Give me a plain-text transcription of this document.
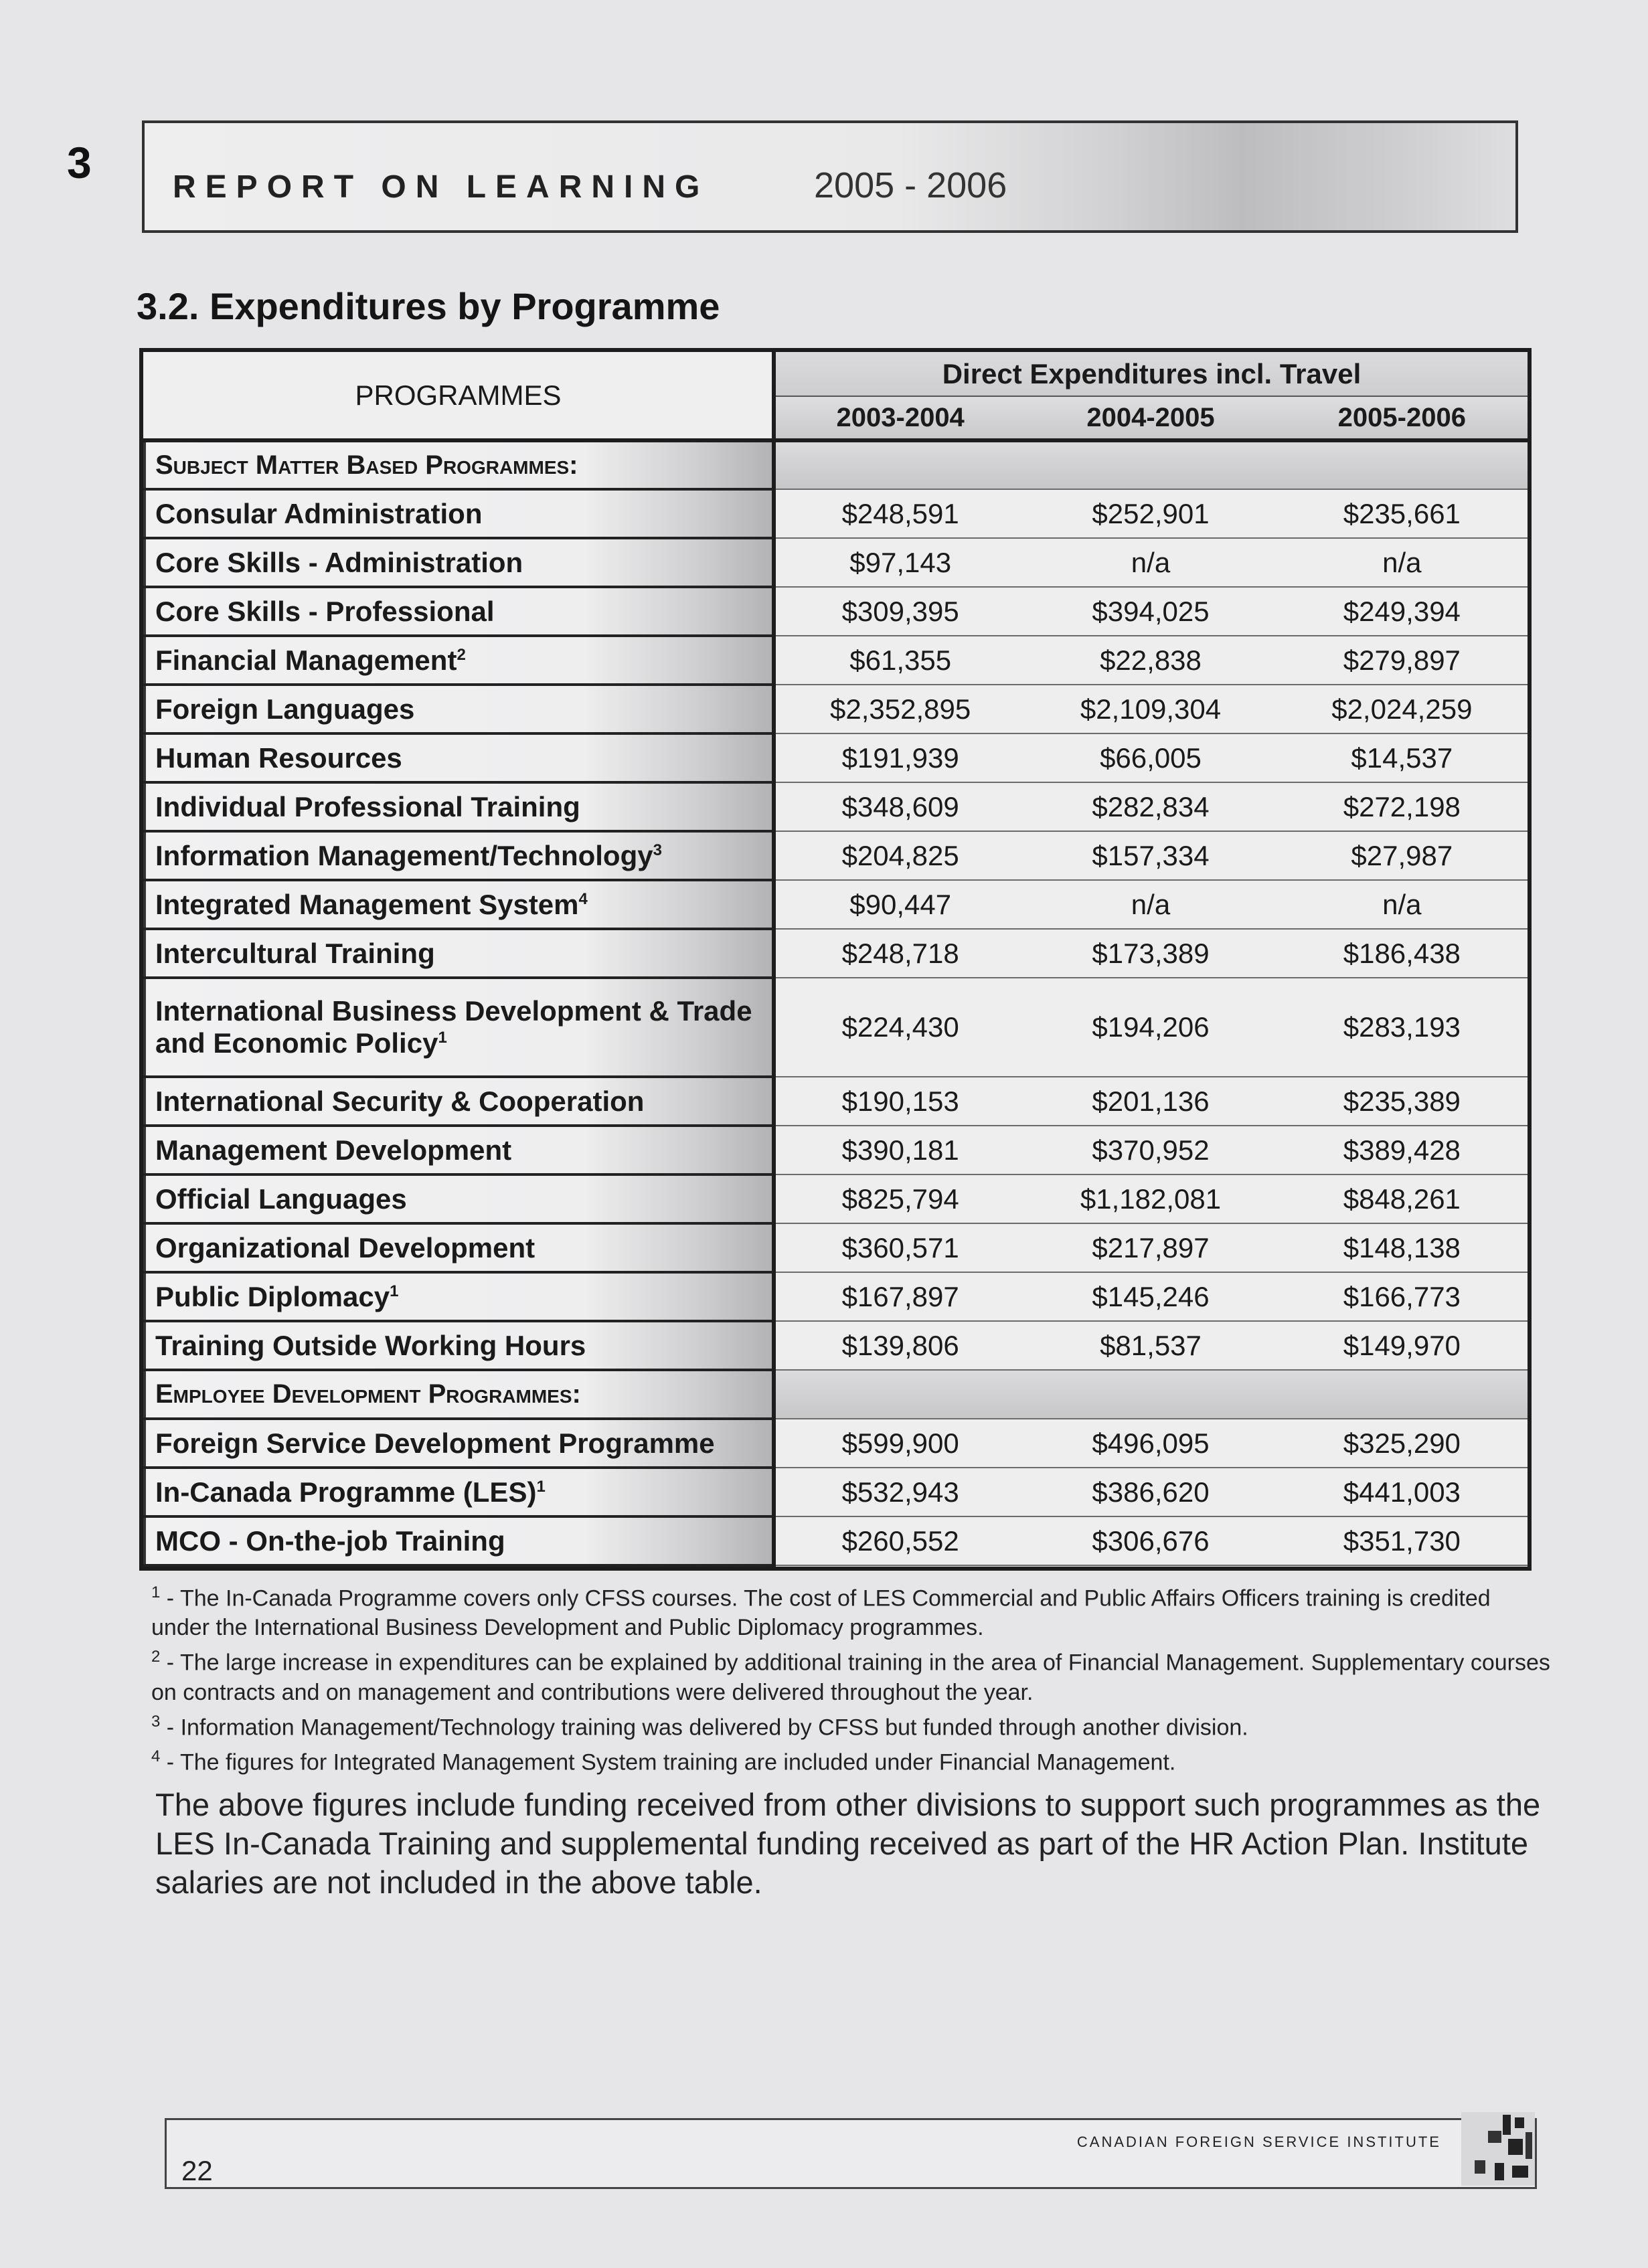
3	REPORT ON LEARNING	2005 - 2006
3.2. Expenditures by Programme
PROGRAMMES	Direct Expenditures incl. Travel		
	2003-2004	2004-2005	2005-2006
Subject Matter Based Programmes:			
Consular Administration	$248,591	$252,901	$235,661
Core Skills - Administration	$97,143	n/a	n/a
Core Skills - Professional	$309,395	$394,025	$249,394
Financial Management$^2$	$61,355	$22,838	$279,897
Foreign Languages	$2,352,895	$2,109,304	$2,024,259
Human Resources	$191,939	$66,005	$14,537
Individual Professional Training	$348,609	$282,834	$272,198
Information Management/Technology$^3$	$204,825	$157,334	$27,987
Integrated Management System$^4$	$90,447	n/a	n/a
Intercultural Training	$248,718	$173,389	$186,438
International Business Development & Trade and Economic Policy$^1$	$224,430	$194,206	$283,193
International Security & Cooperation	$190,153	$201,136	$235,389
Management Development	$390,181	$370,952	$389,428
Official Languages	$825,794	$1,182,081	$848,261
Organizational Development	$360,571	$217,897	$148,138
Public Diplomacy$^1$	$167,897	$145,246	$166,773
Training Outside Working Hours	$139,806	$81,537	$149,970
Employee Development Programmes:			
Foreign Service Development Programme	$599,900	$496,095	$325,290
In-Canada Programme (LES)$^1$	$532,943	$386,620	$441,003
MCO - On-the-job Training	$260,552	$306,676	$351,730

$^1$ - The In-Canada Programme covers only CFSS courses. The cost of LES Commercial and Public Affairs Officers training is credited under the International Business Development and Public Diplomacy programmes.

$^2$ - The large increase in expenditures can be explained by additional training in the area of Financial Management. Supplementary courses on contracts and on management and contributions were delivered throughout the year.

$^3$ - Information Management/Technology training was delivered by CFSS but funded through another division.

$^4$ - The figures for Integrated Management System training are included under Financial Management.

The above figures include funding received from other divisions to support such programmes as the LES In-Canada Training and supplemental funding received as part of the HR Action Plan. Institute salaries are not included in the above table.
22
CANADIAN FOREIGN SERVICE INSTITUTE
